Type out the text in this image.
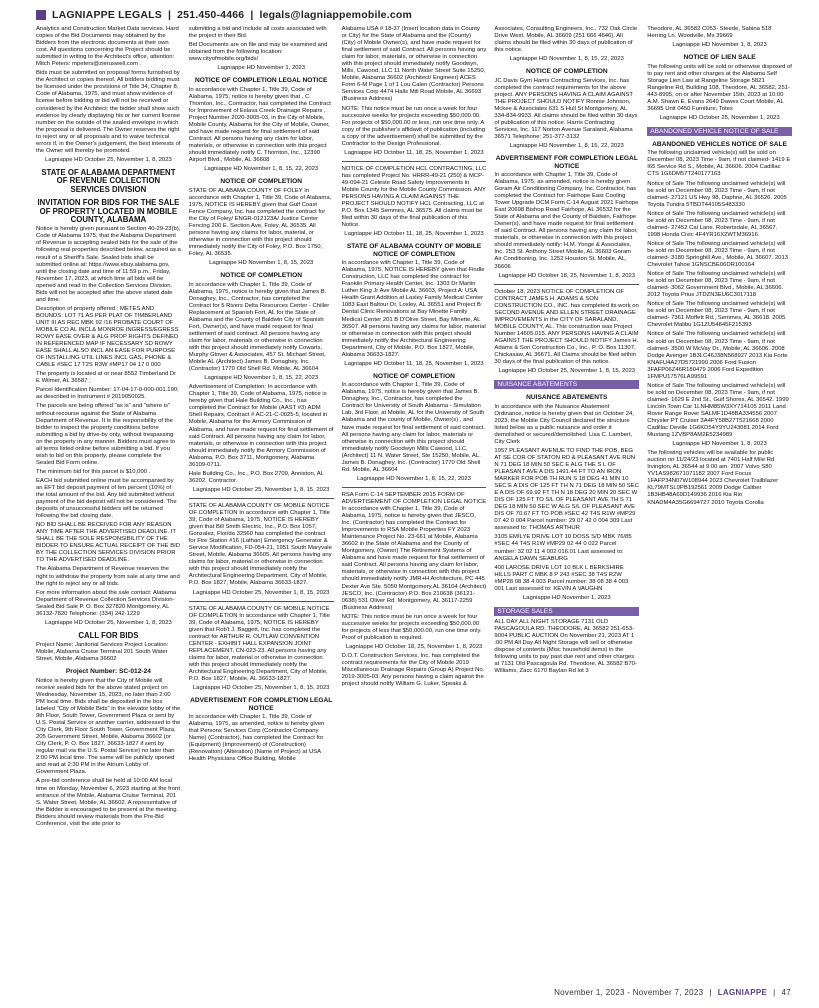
LAGNIAPPE LEGALS | 251.450-4466 | legals@lagniappemobile.com

Analytics and Construction Market Data services. Hard copies of the Bid Documents may obtained by the Bidders from the electronic documents at their own cost. All questions concerning the Project should be submitted in writing to the Architect's office, attention: Mitch Peters: mpeters@zieruswell.com .

Bids must be submitted on proposal forms furnished by the Architect or copies thereof. All bidders bidding must be licensed under the provisions of Title 34, Chapter 8, Code of Alabama, 1975, and must show evidence of license before bidding or bid will not be received or considered by the Architect; the bidder shall show such evidence by clearly displaying his or her current license number on the outside of the sealed envelope in which the proposal is delivered. The Owner reserves the right to reject any or all proposals and to waive technical errors if, in the Owner's judgement, the best interests of the Owner will thereby be promoted.

Lagniappe HD October 25, November 1, 8, 2023

STATE OF ALABAMA DEPARTMENT OF REVENUE COLLECTION SERVICES DIVISION
INVITATION FOR BIDS FOR THE SALE OF PROPERTY LOCATED IN MOBILE COUNTY, ALABAMA

Notice is hereby given pursuant to Section 40-29-23(b), Code of Alabama 1975, that the Alabama Department of Revenue is accepting sealed bids for the sale of the following real properties described below, acquired as a result of a Sheriff's Sale. Sealed bids shall be submitted online at: https://www.ebuy.alabama.gov, until the closing date and time of 11:59 p.m., Friday, November 17, 2023, at which time all bids will be opened and read in the Collection Services Division. Bids will not be accepted after the above stated date and time.

Description of property offered : METES AND BOUNDS: LOT 71 AS PER PLAT OF TIMBERLAND UNIT III AS REC MBK 92 /16 PROBATE COURT OF MOBILE CO AL INCL& MONROE INGRESS/EGRESS ROWY EASE OVER & ALG PROP RIGHTS DEFINED IN REFERENCED MAP IF NECESSARY SD ROWY EASE SHALL ALSO INCL AN EASE FOR PURPOSE OF INSTALLING UTIL LINES INCL GAS, PHONE & CABLE #SEC 17 T2S R3W #MP17 04 17 0 000

The property is located at or near 8552 Timberland Dr E Wilmer, AL 36587 ;

Parcel Identification Number: 17-04-17-0-000-001.190; as described in Instrument # 2019050025.

The parcels are being offered "as is" and "where is" without recourse against the State of Alabama Department of Revenue. It is the responsibility of the bidder to inspect the property conditions before submitting a bid by drive-by only, without trespassing on the property in any manner. Bidders must agree to all terms listed online before submitting a bid. If you wish to bid on this property, please complete the Sealed Bid Form online.

The minimum bid for this parcel is $10,000 .

EACH bid submitted online must be accompanied by an EFT bid deposit payment of ten percent (10%) of the total amount of the bid. Any bid submitted without payment of the bid deposit will not be considered. The deposits of unsuccessful bidders will be returned following the bid closing date.

NO BID SHALL BE RECEIVED FOR ANY REASON ANY TIME AFTER THE ADVERTISED DEADLINE. IT SHALL BE THE SOLE RESPONSIBILITY OF THE BIDDER TO ENSURE ACTUAL RECEIPT OF THE BID BY THE COLLECTION SERVICES DIVISION PRIOR TO THE ADVERTISED DEADLINE.

The Alabama Department of Revenue reserves the right to withdraw the property from sale at any time and the right to reject any or all bids.

For more information about the sale contact: Alabama Department of Revenue Collection Services Division-Sealed Bid Sale P. O. Box 327820 Montgomery, AL 36132-7820 Telephone: (334) 242-1229

Lagniappe HD October 25, November 1, 8, 2023

CALL FOR BIDS

Project Name: Janitorial Services Project Location: Mobile, Alabama Cruise Terminal 201 South Water Street, Mobile, Alabama 36602

Project Number: SC-012-24

Notice is hereby given that the City of Mobile will receive sealed bids for the above stated project on Wednesday, November 15, 2023, no later than 2:00 PM local time. Bids shall be deposited in the box labeled "City of Mobile Bids" in the elevator lobby of the 9th Floor, South Tower, Government Plaza or sent by U.S. Postal Service or another carrier, addressed to the City Clerk, 9th Floor South Tower, Government Plaza, 205 Government Street, Mobile, Alabama 36602 (or City Clerk, P. O. Box 1827, 36633-1827 if sent by regular mail via the U.S. Postal Service) no later than 2:00 PM local time. The same will be publicly opened and read at 2:30 PM in the Atrium Lobby of Government Plaza.

A pre-bid conference shall be held at 10:00 AM local time on Monday, November 6, 2023 starting at the front entrance of the Mobile, Alabama Cruise Terminal, 201 S. Water Street, Mobile, AL 36602. A representative of the Bidder is encouraged to be present at the meeting. Bidders should review materials from the Pre-Bid Conference, visit the site prior to

submitting a bid and include all costs associated with the project in their Bid.

Bid Documents are on file and may be examined and obtained from the following location: www.cityofmobile.org/bids/

Lagniappe HD November 1, 2023

NOTICE OF COMPLETION LEGAL NOTICE

In accordance with Chapter 1, Title 39, Code of Alabama, 1975, notice is hereby given that , C. Thornton, Inc., Contractor, has completed the Contract for Improvement of Eslava Creek Drainage Repairs , Project Number 2020-3005-03, in the City of Mobile, Mobile County, Alabama for the City of Mobile, Owner, and have made request for final settlement of said Contract. All persons having any claim for labor, materials, or otherwise in connection with this project should immediately notify C. Thornton, Inc., 12390 Airport Blvd., Mobile, AL 36608

Lagniappe HD November 1, 8, 15, 22, 2023

NOTICE OF COMPLETION

STATE OF ALABAMA COUNTY OF FOLEY In accordance with Chapter 1, Title 39, Code of Alabama, 1975, NOTICE IS HEREBY given that Gulf Coast Fence Company, Inc. has completed the contract for the City of Foley/ ENGR-012123A/ Justice Center Fencing 200 E. Section Ave, Foley, AL 36535. All persons having any claims for labor, material, or otherwise in connection with this project should immediately notify the City of Foley, P.O. Box 1750, Foley, AL 36535.

Lagniappe HD November 1, 8, 15, 2023

NOTICE OF COMPLETION

In accordance with Chapter 1, Title 39, Code of Alabama, 1975, notice is hereby given that James B. Donaghey, Inc., Contractor, has completed the Contract for 5 Rivers Delta Resources Center - Chiller Replacement at Spanish Fort, AL for the State of Alabama and the County of Baldwin City of Spanish Fort, Owner(s), and have made request for final settlement of said contract. All persons having any claim for labor, materials or otherwise in connection with this project should immediately notify Cowarts, Murphy Glover & Associates, 457 St. Michael Street, Mobile AL (Architect) James B. Donaghey, Inc. (Contractor) 1770 Old Shell Rd. Mobile, AL 36604

Lagniappe HD November 1, 8, 15, 22, 2023

Advertisement of Completion: In accordance with Chapter 1, Title 39, Code of Alabama, 1975, notice is hereby given that Hale Building Co., Inc., has completed the Contract for Mobile (AAST #3) ADM Shell Repairs, Contract # AC-21-C-0025-5, located in Mobile, Alabama for the Armory Commission of Alabama, and have made request for final settlement of said Contract. All persons having any claim for labor, materials, or otherwise in connection with this project should immediately notify the Armory Commission of Alabama, P.O. Box 3711, Montgomery, Alabama 36109-0711.

Hale Building Co., Inc., P.O. Box 2709, Anniston, AL 36202, Contractor.

Lagniappe HD October 25, November 1, 8, 15, 2023

STATE OF ALABAMA COUNTY OF MOBILE NOTICE OF COMPLETION In accordance with Chapter 1, Title 39, Code of Alabama, 1975, NOTICE IS HEREBY given that Bill Smith Electric, Inc., P.O. Box 1057, Gonzalez, Florida 32560 has completed the contract for Fire Station #16 (Lathan) Emergency Generator & Service Modification, FD-054-21, 1951 South Maryvale Street, Mobile, Alabama 36605. All persons having any claims for labor, material or otherwise in connection with this project should immediately notify the Architectural Engineering Department, City of Mobile, P.O. Box 1827, Mobile, Alabama 36633-1827.

Lagniappe HD October 25, November 1, 8, 15, 2023

STATE OF ALABAMA COUNTY OF MOBILE NOTICE OF COMPLETION In accordance with Chapter 1, Title 39, Code of Alabama, 1975, NOTICE IS HEREBY given that Rob't J. Baggett, Inc. has completed the contract for ARTHUR R. OUTLAW CONVENTION CENTER - EXHIBIT HALL EXPANSION JOINT REPLACEMENT, CN-023-23. All persons having any claims for labor, material or otherwise in connection with this project should immediately notify the Architectural Engineering Department, City of Mobile, P.O. Box 1827, Mobile, AL 36633-1827.

Lagniappe HD October 25, November 1, 8, 15, 2023

ADVERTISEMENT FOR COMPLETION LEGAL NOTICE

In accordance with Chapter 1, Title 39, Code of Alabama, 1975, as amended, notice is hereby given that Persons Services Corp (Contractor Company Name) (Contractor), has completed the Contract for (Equipment) (Improvement) of (Construction) (Renovation) (Alteration) (Name of Project) at USA Health Physicians Office Building, Mobile

Alabama USA # 18-37 (Insert location data in County or City) for the State of Alabama and the (County) (City) of Mobile Owner(s), and have made request for final settlement of said Contract. All persons having any claim for labor, materials, or otherwise in connection with this project should immediately notify Goodwyn, Mills, Cawood, LLC 11 North Water Street Suite 15250, Mobile, Alabama 36602 (Architect/ Engineer) ACES Form 6-M Page 1 of 1 Lou Calen (Contractor) Persons Services Corp 4474 Halls Mill Road Mobile, AL 36693 (Business Address)

NOTE: This notice must be run once a week for four successive weeks for projects exceeding $50,000.00. For projects of $50,000.00 or less, run one time only. A copy of the publisher's affidavit of publication (including a copy of the advertisement) shall be submitted by the Contractor to the Design Professional.

Lagniappe HD October 11, 18, 25, November 1, 2023

NOTICE OF COMPLETION HCL CONTRACTING, LLC has completed Project No. HRRR-49-21 (250) & MCP-49-094-21 Celeste Road Safety Improvements in Mobile County for the Mobile County Commission. ANY PERSONS HAVING A CLAIM AGAINST THE PROJECT SHOULD NOTIFY HCL Contracting, LLC at P.O. Box 1345 Semmes, AL 36575. All claims must be filed within 30 days of the final publication of this Notice.

Lagniappe HD October 11, 18, 25, November 1, 2023

STATE OF ALABAMA COUNTY OF MOBILE NOTICE OF COMPLETION

In accordance with Chapter 1, Title 39, Code of Alabama, 1975, NOTICE IS HEREBY given that Findle Construction, LLC has completed the contract for Franklin Primary Health Center, Inc. 1303 Dr Martin Luther King Jr Ave Mobile AL 36603, Project A: USA Health Grant Addition at Lasley Family Medical Center 1083 East Baltour Dr, Loxley, AL 36551 and Project B: Dental Clinic Renovations at Bay Minette Family Medical Center 201 B D'Olive Street, Bay Minette, AL 36507. All persons having any claims for labor, material or otherwise in connection with this project should immediately notify the Architectural Engineering Department, City of Mobile, P.O. Box 1827, Mobile, Alabama 36633-1827.

Lagniappe HD October 11, 18, 25, November 1, 2023

NOTICE OF COMPLETION

In accordance with Chapter 1, Title 39, Code of Alabama, 1975, notice is hereby given that James B. Donaghey, Inc., Contractor, has completed the Contract for University of South Alabama - Simulation Lab, 3rd Floor, at Mobile, AL for the University of South Alabama and the county of Mobile, Owner(s) , and have made request for final settlement of said contract. All persons having any claim for labor, materials or otherwise in connection with this project should immediately notify Goodwyn Mills Cawood, LLC, (Architect) 11 N. Water Street, Ste 15250, Mobile, AL. James B. Donaghey, Inc. (Contractor) 1770 Old Shell Rd. Mobile, AL 36604

Lagniappe HD November 1, 8, 15, 22, 2023

RSA Form C-14 SEPTEMBER 2015 FORM OF ADVERTISEMENT OF COMPLETION LEGAL NOTICE In accordance with Chapter 1, Title 39, Code of Alabama, 1975, notice is hereby given that JESCO, Inc. (Contractor) has completed the Contract for Improvements to RSA Mobile Properties FY 2023 Maintenance Project No. 23-661 at Mobile, Alabama 36602 in the State of Alabama and the County of Montgomery, (Owner) The Retirement Systems of Alabama and have made request for final settlement of said Contract. All persons having any claim for labor, materials, or otherwise in connection with this project should immediately notify JMR+H Architecture, PC 445 Dexter Ave Ste. 5050 Montgomery,AL 36104 (Architect) JESCO, Inc. (Contractor) P.O. Box 210638 (36121-0638) 531 Oliver Rd. Montgomery, AL 36117-2259 (Business Address)

NOTE: This notice must be run once a week for four successive weeks for projects exceeding $50,000.00 for projects of less that $50,000.00, run one time only. Proof of publication is required.

Lagniappe HD October 18, 25, November 1, 8, 2023

D.O.T. Construction Services, Inc. has completed the contract requirements for the City of Mobile 2019 Miscellaneous Drainage Repairs (Group A) Project No. 2019-3005-03. Any persons having a claim against the project should notify William G. Luker, Speaks &

Associates, Consulting Engineers, Inc., 732 Oak Circle Drive West, Mobile, AL 36609 (251 666 4646). All claims should be filed within 30 days of publication of this notice.

Lagniappe HD November 1, 8, 15, 22, 2023

NOTICE OF COMPLETION

JC Davis Gym Harris Contracting Services, Inc. has completed the contract requirements for the above project. ANY PERSONS HAVING A CLAIM AGAINST THE PROJECT SHOULD NOTIFY Ronnie Johnson, Mckee & Associates 631 S Hull St Montgomery, AL 334-834-9933. All claims should be filed within 30 days of publication of this notice. Harris Contracting Services, Inc. 117 Norton Avenue Saraland, Alabama 36571 Telephone: 251-377-3132

Lagniappe HD November 1, 8, 15, 22, 2023

ADVERTISEMENT FOR COMPLETION LEGAL NOTICE

In accordance with Chapter 1, Title 39, Code of Alabama, 1975, as amended, notice is hereby given Goram Air Conditioning Company, Inc. Contractor, has completed the Contract for: Fairhope East Cooling Tower Upgrade DCM Form C-14 August 2021 Fairhope East 20698 Bishop Road Fairhope, AL 36532 for the State of Alabama and the County of Baldwin, Fairhope Owner(s), and have made request for final settlement of said Contract. All persons having any claim for labor, materials, or otherwise in connection with this project should immediately notify: H.M. Yonge & Associates, Inc. 253 St. Anthony Street Mobile, AL 36603 Goram Air Conditioning, Inc. 1252 Houston St. Mobile, AL, 36606

Lagniappe HD October 18, 25, November 1, 8, 2023

October 18, 2023 NOTICE OF COMPLETION OF CONTRACT JAMES H. ADAMS & SON CONSTRUCTION CO., INC. has completed its work on SECOND AVENUE AND ELLEN STREET DRAINAGE IMPROVEMENTS in the CITY OF SARALAND, MOBILE COUNTY, AL. This construction was Project Number 14605.015. ANY PERSONS HAVING A CLAIM AGAINST THE PROJECT SHOULD NOTIFY James H. Adams & Son Construction Co., Inc., P. O. Box 11307, Chickasaw, AL 36671. All Claims should be filed within 30 days of the final publication of this notice.

Lagniappe HD October 25, November 1, 8, 15, 2023

NUISANCE ABATEMENTS
NUISANCE ABATEMENTS

In accordance with the Nuisance Abatement Ordinance, notice is hereby given that on October 24, 2023, the Mobile City Council declared the structure listed below as a public nuisance and order it demolished or secured/demolished. Lisa C. Lambert, City Clerk

1957 PLEASANT AVENUE TO FIND THE POB, BEG AT SE COR OF STATON RD & PLEASANT AVE RUN N 71 DEG 18 MIN 50 SEC E ALG THE S L OF PLEASANT AVE A DIS 1491.44 FT TO AN IRON MARKER FOR POB TH RUN S 18 DEG 41 MIN 10 SEC E A DIS OF 125 FT TH N 71 DEG 18 MIN 50 SEC E A DIS OF 69.92 FT TH N 18 DEG 20 MIN 20 SEC W DIS OF 125 FT TO S/L OF PLEASANT AVE TH S 71 DEG 18 MIN 50 SEC W ALG S/L OF PLEASANT AVE DIS OF 70.67 FT TO POB #SEC 42 T4S R1W #MP29 07 42 0 004 Parcel number: 29 07 42 0 004 309 Last assessed to: THOMAS ARTHUR

3105 EMILYE DRIVE LOT 10 DOSS S/D MBK 76/85 #SEC 44 T4S R1W #MP29 02 44 0 022 Parcel number: 32 02 11 4 002 016.01 Last assessed to: ANGELA DAWN SEABURG

400 LAROSE DRIVE LOT 10 BLK L BERKSHIRE HILLS PART C MBK 8 P 243 #SEC 38 T4S R2W #MP28 08 38 4 003 Parcel number: 38 08 38 4 003 001 Last assessed to: KEVIN A VAUGHN

Lagniappe HD November 1, 2023

STORAGE SALES

ALL DAY ALL NIGHT STORAGE 7131 OLD PASCAGOULA RD. THEODORE, AL 36582 251-653-9004 PUBLIC AUCTION On November 21, 2023 AT 1 :00 PM All Day All Night Storage will sell or otherwise dispose of contents (Misc household items) in the following units to pay past due rent and other charges at 7131 Old Pascagoula Rd. Theodore, AL 36582 B70- Williams, Zacc 6170 Baylan Rd lot 3

Theodore, AL 36582 C053- Steede, Sabina 518 Herring Ln. Woodville, Ms 39669

Lagniappe HD November 1, 8, 2023

NOTICE OF LIEN SALE

The following units will be sold or otherwise disposed of to pay rent and other charges at the Alabama Self Storage Lien Law at Rangeline Storage 5821 Rangeline Rd, Building 108, Theodore, AL 36582, 251-443-8995, on or after November 15th, 2023 at 10:00 A.M. Shawn E. Evans 2649 Dawes Court Mobile, AL 36695 Unit 0450 Furniture, Totes

Lagniappe HD October 25, November 1, 2023

ABANDONED VEHICLE NOTICE OF SALE
ABANDONED VEHICLES NOTICE OF SALE

The following unclaimed vehicle(s) will be sold on December 08, 2023 Time - 9am, if not claimed- 1419 E I65 Service Rd S., Mobile, AL 36606. 2004 Cadillac CTS 1G6DM57T240177163

Notice of Sale The following unclaimed vehicle(s) will be sold on December 08, 2023 Time - 9am, if not claimed- 27121 US Hwy 98, Daphne, AL 36526. 2005 Toyota Tundra 5TBDT44105S483330

Notice of Sale The following unclaimed vehicle(s) will be sold on December 08, 2023 Time - 9am, if not claimed- 27452 Cal Lane, Robertsdale, AL 36567. 1998 Honda Civic 4F4YR16X2WTM36916

Notice of Sale The following unclaimed vehicle(s) will be sold on December 08, 2023 Time - 9am, if not claimed- 3180 Springhill Ave., Mobile, AL 36607. 2013 Chevrolet Tahoe 1GNSCBE06DR100164

Notice of Sale The following unclaimed vehicle(s) will be sold on December 08, 2023 Time - 9am, if not claimed- 3062 Government Blvd., Mobile, AL 36606. 2012 Toyota Prius JTDZN3EU6C3017118

Notice of Sale The following unclaimed vehicle(s) will be sold on December 08, 2023 Time - 9am, if not claimed- 7361 Moffett Rd., Semmes, AL 36618. 2005 Chevrolet Malibu 1G1ZU54845F215393

Notice of Sale The following unclaimed vehicle(s) will be sold on December 08, 2023 Time - 9am, if not claimed- 3500 W McVay Dr., Mobile, AL 36606. 2008 Dodge Avenger 1B3LC46J38N568927 2013 Kia Forte KNAFU4A27D5721990 2006 Ford Fusion 3FAFP06Z46R180479 2006 Ford Expedition 1FMPU17576LA99591

Notice of Sale The following unclaimed vehicle(s) will be sold on December 08, 2023 Time - 9am, if not claimed- 1629 E 2nd St., Gulf Shores, AL 36542. 1999 Lincoln Town Car 1LNHM85W3XY714105 2011 Land Rover Range Rover SALMF1D48BA334556 2007 Chrysler PT Cruiser 3A4FY58B27T521668 2000 Cadillac Deville 1G6KD54Y9YU243081 2014 Ford Mustang 1ZVBP8AM2E5234989

Lagniappe HD November 1, 8, 2023

The following vehicles will be available for public auction on 11/24/23 located at 7401 Half Mile Rd Irvington, AL 36544 at 9:00 am. 2007 Volvo S80 YV1AS982671071182 2007 Ford Focus 1FAFP34N07W108944 2023 Chevrolet Trailblazer KL79MTSL0PB192561 2009 Dodge Caliber 1B3HB48A69D149936 2016 Kia Rio KNADM4A35G6694727 2010 Toyota Corolla

November 1, 2023 - November 7, 2023 | LAGNIAPPE | 47
